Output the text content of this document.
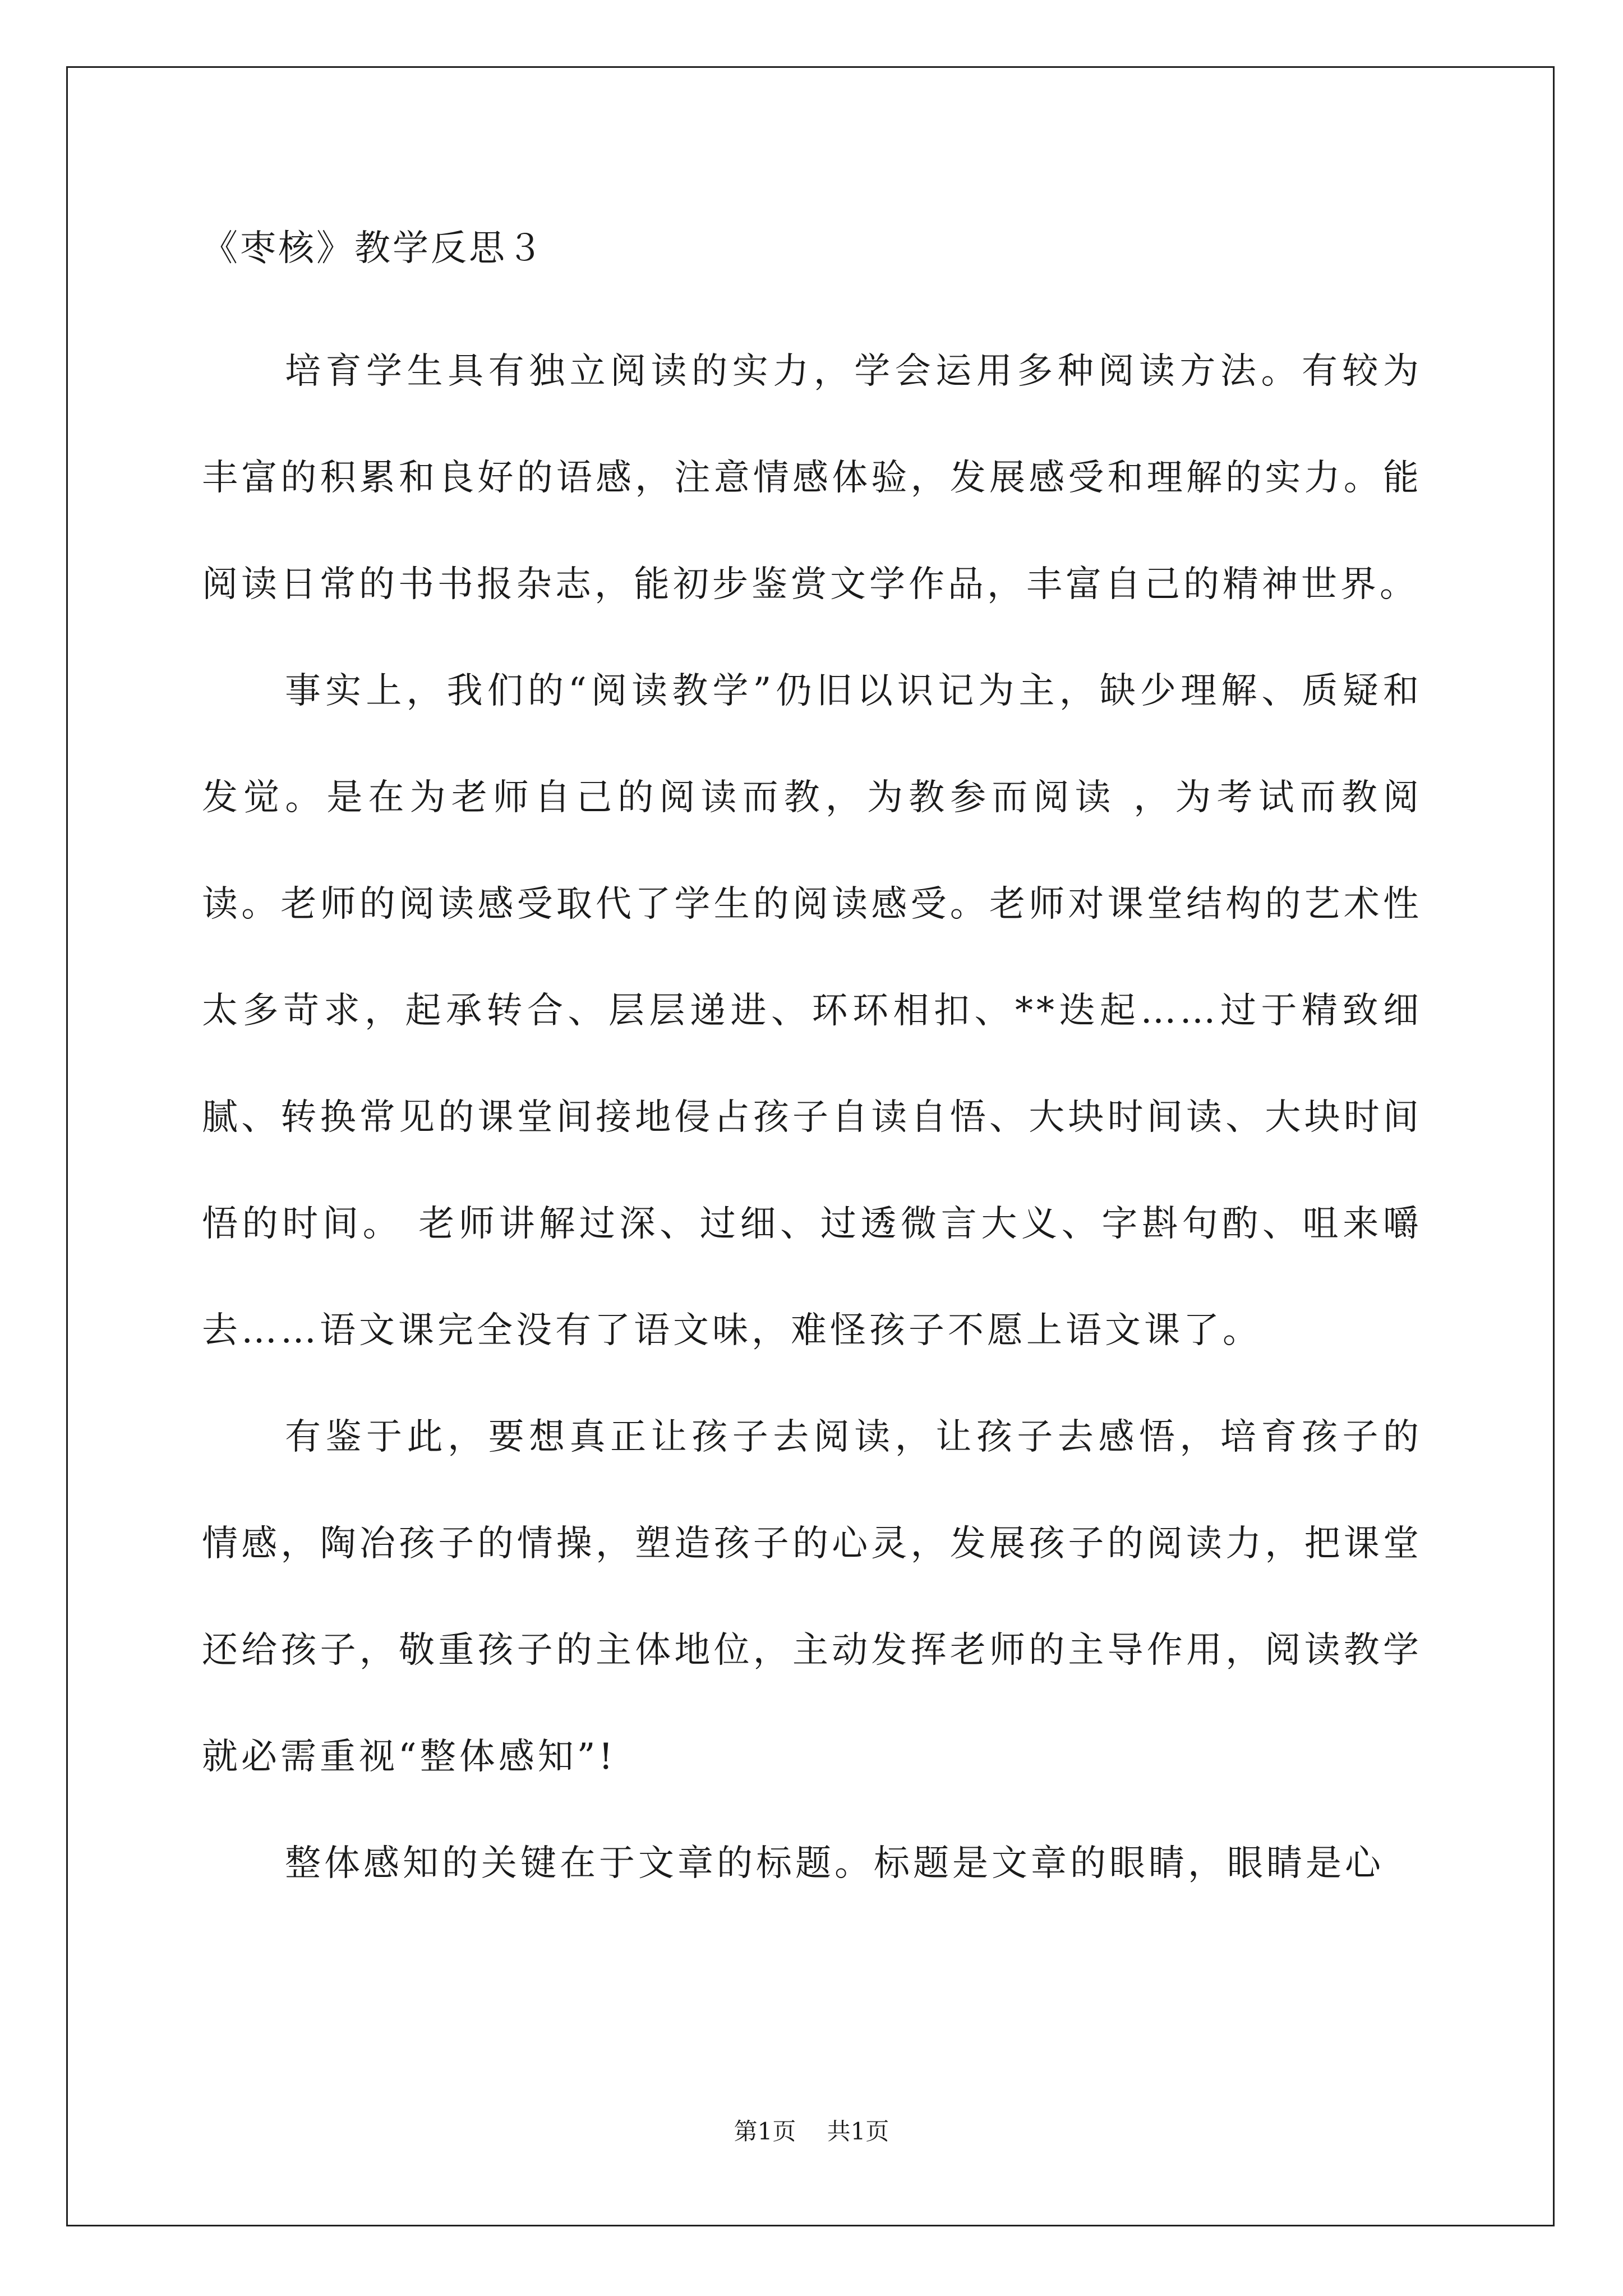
《枣核》教学反思３

培育学生具有独立阅读的实力，学会运用多种阅读方法。有较为丰富的积累和良好的语感，注意情感体验，发展感受和理解的实力。能阅读日常的书书报杂志，能初步鉴赏文学作品，丰富自己的精神世界。

事实上，我们的“阅读教学”仍旧以识记为主，缺少理解、质疑和发觉。是在为老师自己的阅读而教，为教参而阅读 ，为考试而教阅读。老师的阅读感受取代了学生的阅读感受。老师对课堂结构的艺术性太多苛求，起承转合、层层递进、环环相扣、**迭起……过于精致细腻、转换常见的课堂间接地侵占孩子自读自悟、大块时间读、大块时间悟的时间。 老师讲解过深、过细、过透微言大义、字斟句酌、咀来嚼去……语文课完全没有了语文味，难怪孩子不愿上语文课了。

有鉴于此，要想真正让孩子去阅读，让孩子去感悟，培育孩子的情感，陶冶孩子的情操，塑造孩子的心灵，发展孩子的阅读力，把课堂还给孩子，敬重孩子的主体地位，主动发挥老师的主导作用，阅读教学就必需重视“整体感知”!

整体感知的关键在于文章的标题。标题是文章的眼睛，眼睛是心

第1页　 共1页
